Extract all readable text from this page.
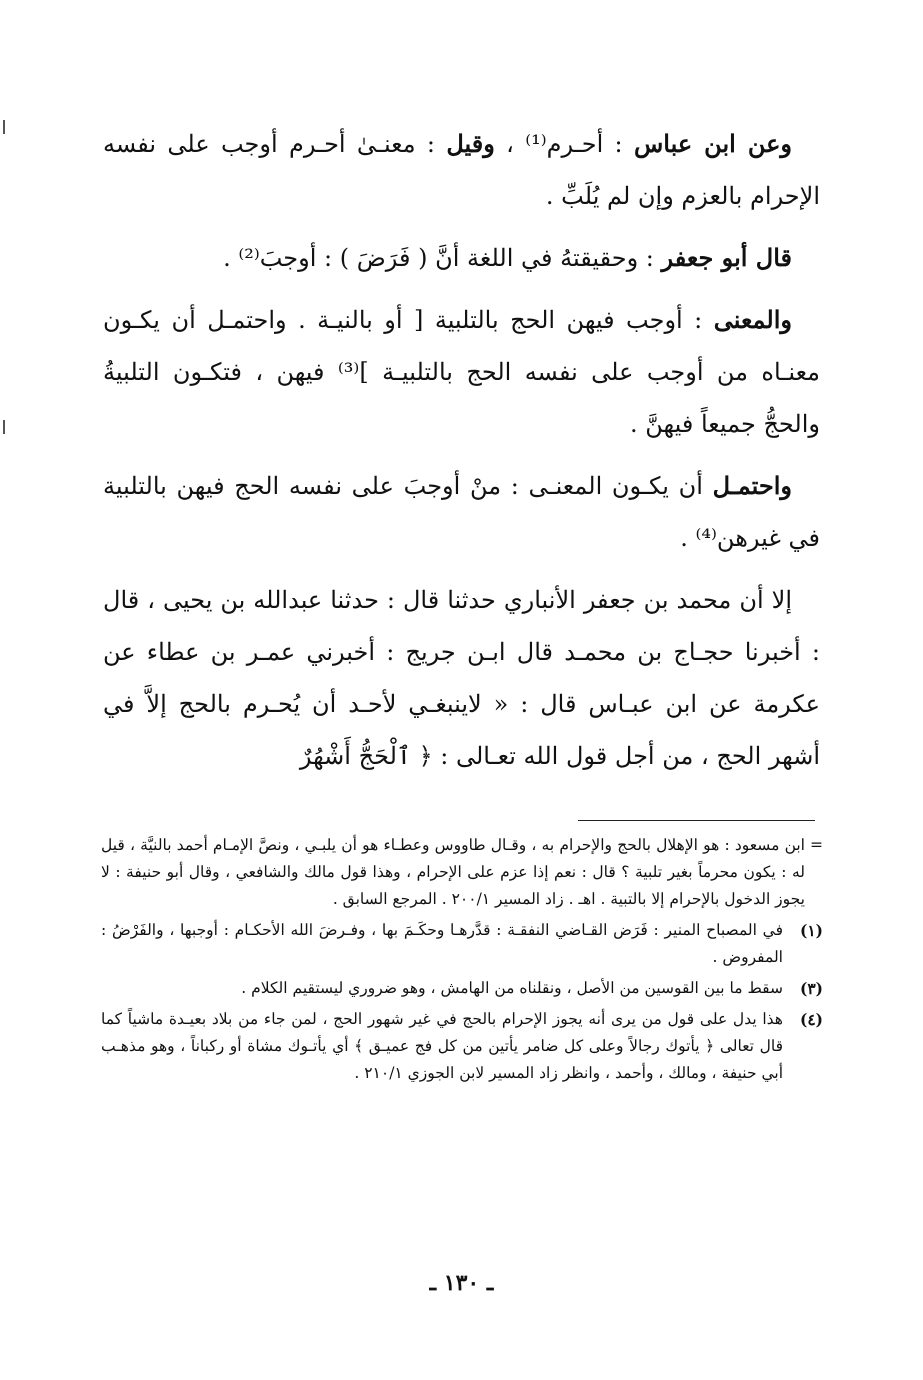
وعن ابن عباس : أحـرم⁽¹⁾ ، وقيل : معنـىٰ أحـرم أوجب على نفسه الإحرام بالعزم وإن لم يُلَبِّ .

قال أبو جعفر : وحقيقتهُ في اللغة أنَّ ( فَرَضَ ) : أوجبَ⁽²⁾ .

والمعنى : أوجب فيهن الحج بالتلبية [ أو بالنيـة . واحتمـل أن يكـون معنـاه من أوجب على نفسه الحج بالتلبيـة ]⁽³⁾ فيهن ، فتكـون التلبيةُ والحجُّ جميعاً فيهنَّ .

واحتمـل أن يكـون المعنـى : منْ أوجبَ على نفسه الحج فيهن بالتلبية في غيرهن⁽⁴⁾ .

إلا أن محمد بن جعفر الأنباري حدثنا قال : حدثنا عبدالله بن يحيى ، قال : أخبرنا حجـاج بن محمـد قال ابـن جريج : أخبرني عمـر بن عطاء عن عكرمة عن ابن عبـاس قال : « لاينبغـي لأحـد أن يُحـرم بالحج إلاَّ في أشهر الحج ، من أجل قول الله تعـالى : ﴿ ٱلْحَجُّ أَشْهُرٌ

=
ابن مسعود : هو الإهلال بالحج والإحرام به ، وقـال طاووس وعطـاء هو أن يلبـي ، ونصَّ الإمـام أحمد بالنيَّة ، قيل له : يكون محرماً بغير تلبية ؟ قال : نعم إذا عزم على الإحرام ، وهذا قول مالك والشافعي ، وقال أبو حنيفة : لا يجوز الدخول بالإحرام إلا بالتبية . اهـ . زاد المسير ٢٠٠/١ . المرجع السابق .
(١)
في المصباح المنير : فَرَض القـاضي النفقـة : قدَّرهـا وحكَـمَ بها ، وفـرضَ الله الأحكـام : أوجبها ، والفَرْضُ : المفروض .
(٣)
سقط ما بين القوسين من الأصل ، ونقلناه من الهامش ، وهو ضروري ليستقيم الكلام .
(٤)
هذا يدل على قول من يرى أنه يجوز الإحرام بالحج في غير شهور الحج ، لمن جاء من بلاد بعيـدة ماشياً كما قال تعالى ﴿ يأتوك رجالاً وعلى كل ضامر يأتين من كل فج عميـق ﴾ أي يأتـوك مشاة أو ركباناً ، وهو مذهـب أبي حنيفة ، ومالك ، وأحمد ، وانظر زاد المسير لابن الجوزي ٢١٠/١ .
ـ ١٣٠ ـ
